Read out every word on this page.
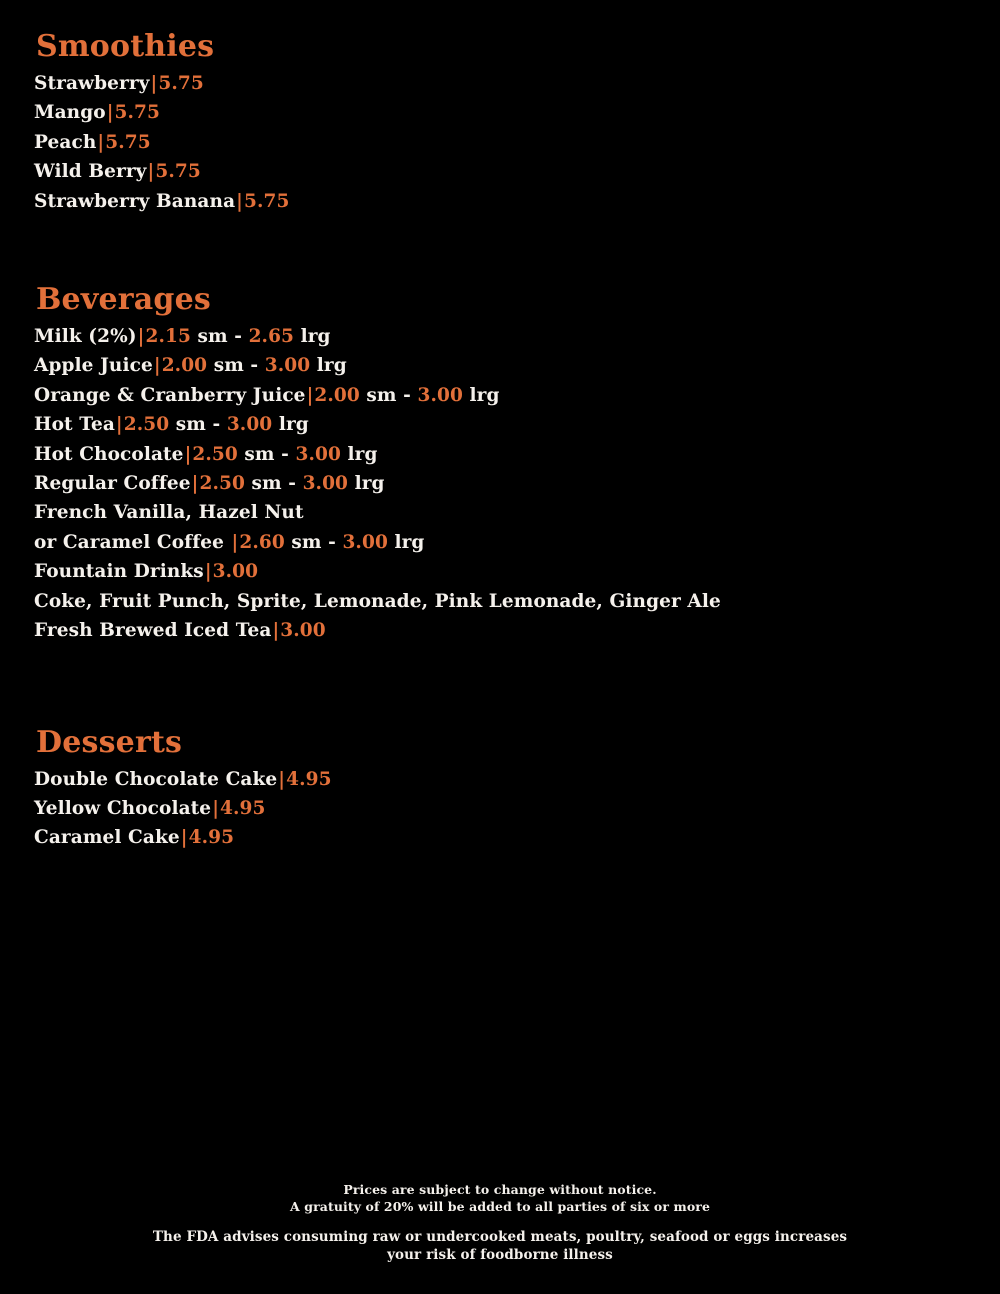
Smoothies
Strawberry|5.75
Mango|5.75
Peach|5.75
Wild Berry|5.75
Strawberry Banana|5.75
Beverages
Milk (2%)|2.15 sm - 2.65 lrg
Apple Juice|2.00 sm - 3.00 lrg
Orange & Cranberry Juice|2.00 sm - 3.00 lrg
Hot Tea|2.50 sm - 3.00 lrg
Hot Chocolate|2.50 sm - 3.00 lrg
Regular Coffee|2.50 sm - 3.00 lrg
French Vanilla, Hazel Nut
or Caramel Coffee |2.60 sm - 3.00 lrg
Fountain Drinks|3.00
Coke, Fruit Punch, Sprite, Lemonade, Pink Lemonade, Ginger Ale
Fresh Brewed Iced Tea|3.00
Desserts
Double Chocolate Cake|4.95
Yellow Chocolate|4.95
Caramel Cake|4.95
Prices are subject to change without notice.
A gratuity of 20% will be added to all parties of six or more
The FDA advises consuming raw or undercooked meats, poultry, seafood or eggs increases
your risk of foodborne illness
